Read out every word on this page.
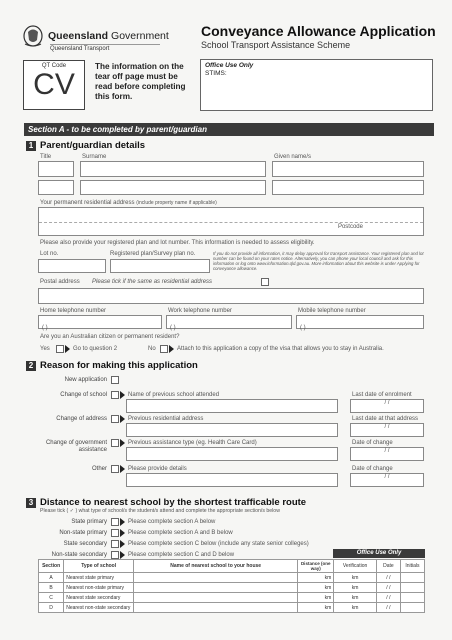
Queensland Government
Queensland Transport
Conveyance Allowance Application
School Transport Assistance Scheme
QT Code
CV
The information on the tear off page must be read before completing this form.
Office Use Only
STIMS:
Section A - to be completed by parent/guardian
1 Parent/guardian details
Title	Surname	Given name/s
Your permanent residential address (include property name if applicable)
Postcode
Please also provide your registered plan and lot number. This information is needed to assess eligibility.
Lot no.	Registered plan/Survey plan no.	If you do not provide all information, it may delay approval for transport assistance. Your registered plan and lot number can be found on your rates notice. Alternatively, you can phone your local council and ask for this information or log onto www.information.qld.gov.au. More information about this website is under Applying for conveyance allowance.
Postal address Please tick if the same as residential address
Home telephone number	Work telephone number	Mobile telephone number
( )	( )	( )
Are you an Australian citizen or permanent resident?
Yes	Go to question 2	No	Attach to this application a copy of the visa that allows you to stay in Australia.
2 Reason for making this application
New application
Change of school	Name of previous school attended	Last date of enrolment
/ /
Change of address	Previous residential address	Last date at that address
/ /
Change of government
assistance
Previous assistance type (eg. Health Care Card)	Date of change
/ /
Other	Please provide details	Date of change
/ /
3 Distance to nearest school by the shortest trafficable route
Please tick ( ✓ ) what type of school/s the student/s attend and complete the appropriate section/s below
State primary	Please complete section A below
Non-state primary	Please complete section A and B below
State secondary	Please complete section C below (include any state senior colleges)
Non-state secondary	Please complete section C and D below	Office Use Only
Section	Type of school	Name of nearest school to your house	Distance (one way)	Verification	Date	Initials
A	Nearest state primary		km	km	/ /	
B	Nearest non-state primary		km	km	/ /	
C	Nearest state secondary		km	km	/ /	
D	Nearest non-state secondary		km	km	/ /	
